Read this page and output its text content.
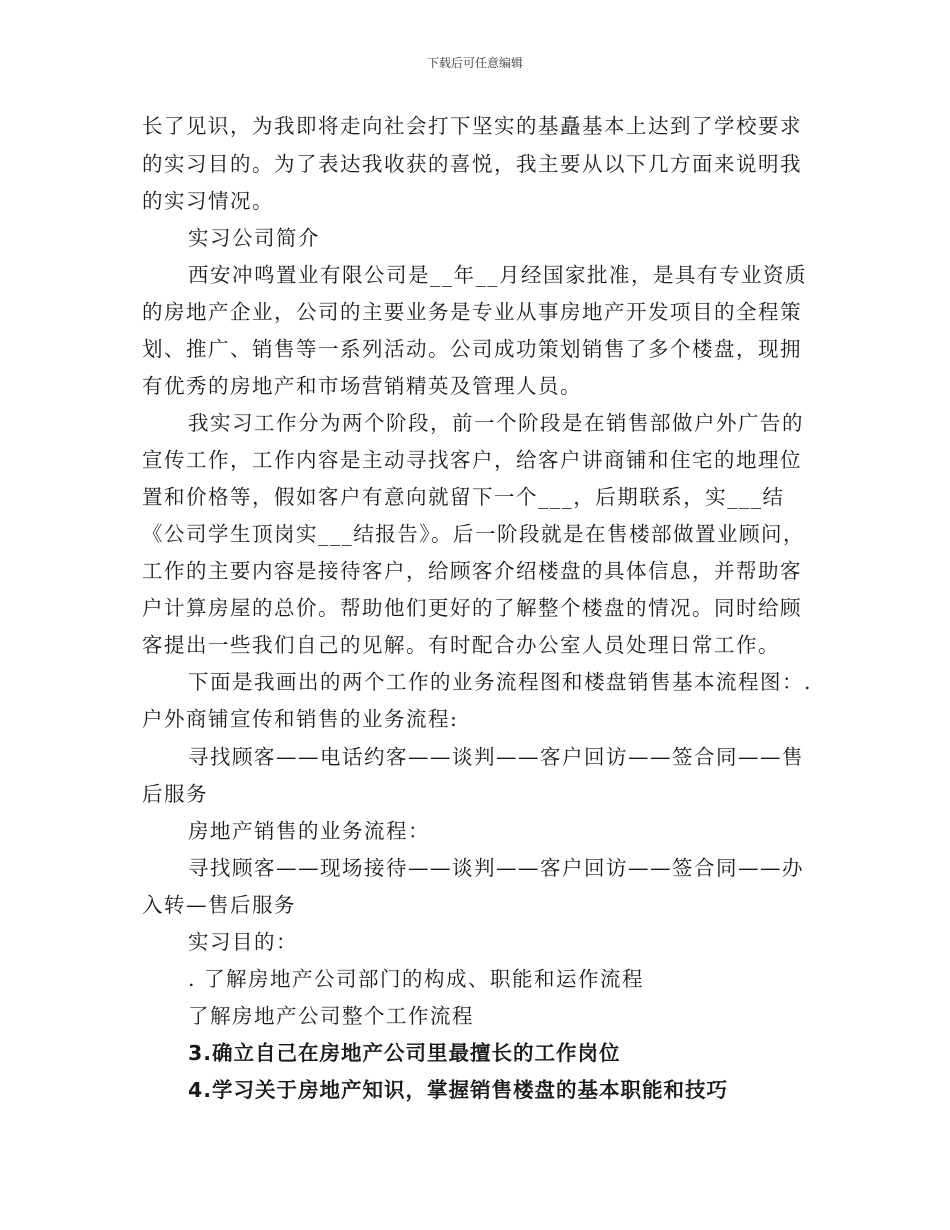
下载后可任意编辑
长了见识，为我即将走向社会打下坚实的基矗基本上达到了学校要求
的实习目的。为了表达我收获的喜悦，我主要从以下几方面来说明我
的实习情况。
实习公司简介
西安冲鸣置业有限公司是__年__月经国家批准，是具有专业资质
的房地产企业，公司的主要业务是专业从事房地产开发项目的全程策
划、推广、销售等一系列活动。公司成功策划销售了多个楼盘，现拥
有优秀的房地产和市场营销精英及管理人员。
我实习工作分为两个阶段，前一个阶段是在销售部做户外广告的
宣传工作，工作内容是主动寻找客户，给客户讲商铺和住宅的地理位
置和价格等，假如客户有意向就留下一个___，后期联系，实___结
《公司学生顶岗实___结报告》。后一阶段就是在售楼部做置业顾问，
工作的主要内容是接待客户，给顾客介绍楼盘的具体信息，并帮助客
户计算房屋的总价。帮助他们更好的了解整个楼盘的情况。同时给顾
客提出一些我们自己的见解。有时配合办公室人员处理日常工作。
下面是我画出的两个工作的业务流程图和楼盘销售基本流程图：.
户外商铺宣传和销售的业务流程:
寻找顾客——电话约客——谈判——客户回访——签合同——售
后服务
房地产销售的业务流程：
寻找顾客——现场接待——谈判——客户回访——签合同——办
入转—售后服务
实习目的：
. 了解房地产公司部门的构成、职能和运作流程
了解房地产公司整个工作流程
3.确立自己在房地产公司里最擅长的工作岗位
4.学习关于房地产知识，掌握销售楼盘的基本职能和技巧
